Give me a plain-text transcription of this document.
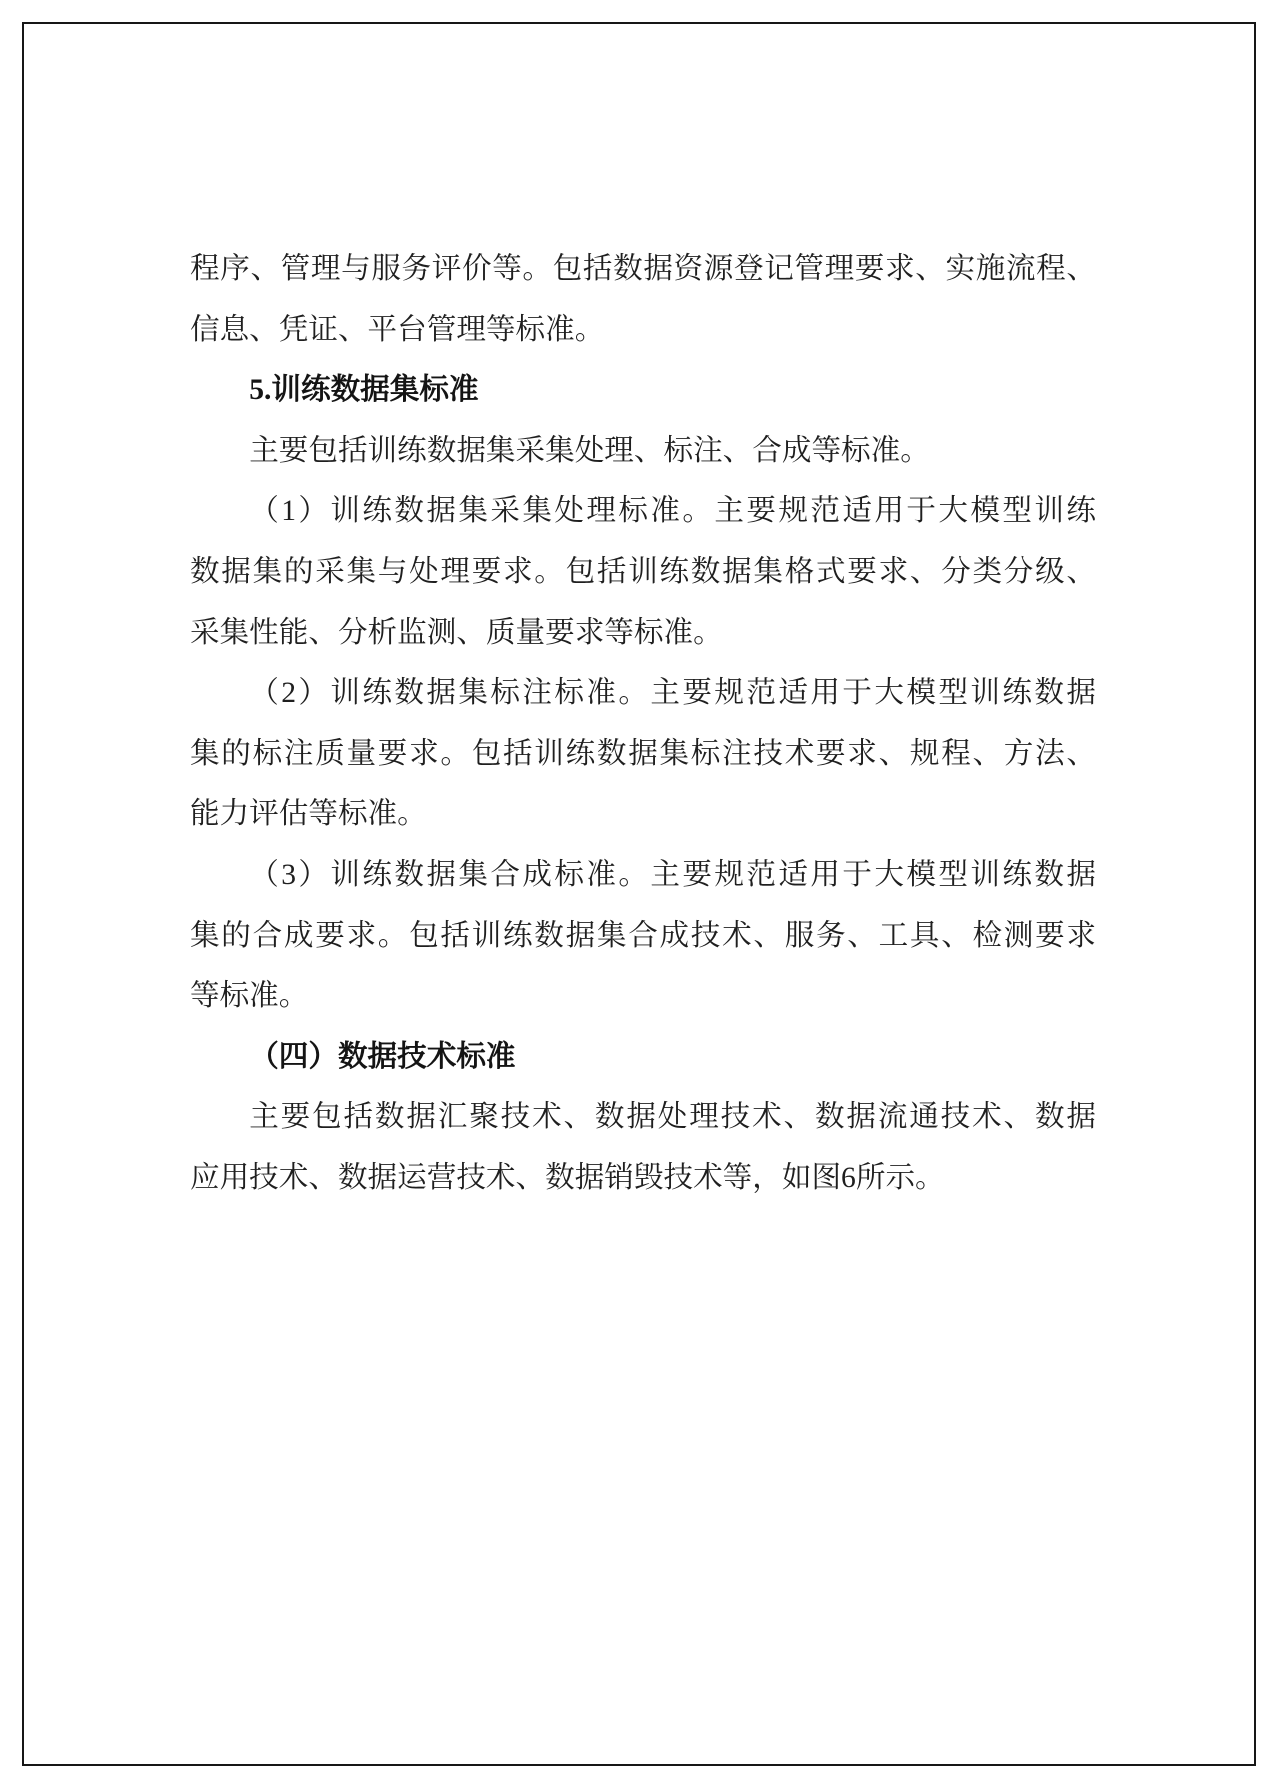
程序、管理与服务评价等。包括数据资源登记管理要求、实施流程、
信息、凭证、平台管理等标准。
5.训练数据集标准
主要包括训练数据集采集处理、标注、合成等标准。
（1）训练数据集采集处理标准。主要规范适用于大模型训练
数据集的采集与处理要求。包括训练数据集格式要求、分类分级、
采集性能、分析监测、质量要求等标准。
（2）训练数据集标注标准。主要规范适用于大模型训练数据
集的标注质量要求。包括训练数据集标注技术要求、规程、方法、
能力评估等标准。
（3）训练数据集合成标准。主要规范适用于大模型训练数据
集的合成要求。包括训练数据集合成技术、服务、工具、检测要求
等标准。
（四）数据技术标准
主要包括数据汇聚技术、数据处理技术、数据流通技术、数据
应用技术、数据运营技术、数据销毁技术等，如图6所示。
